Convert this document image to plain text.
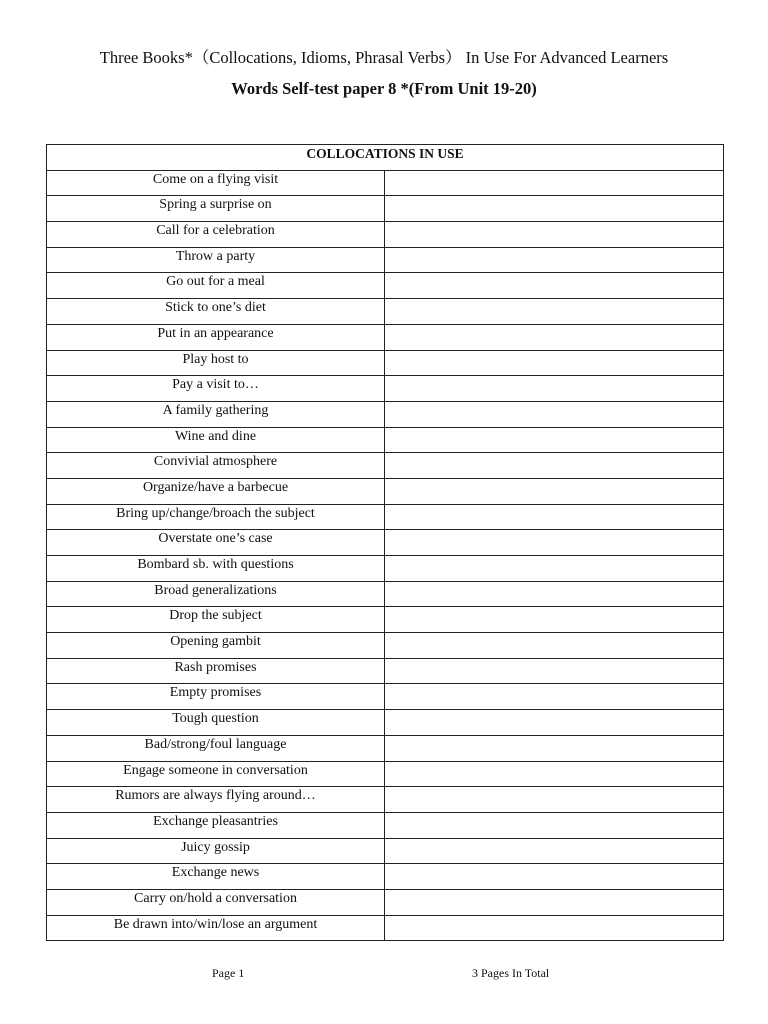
Three Books*（Collocations, Idioms, Phrasal Verbs） In Use For Advanced Learners
Words Self-test paper 8 *(From Unit 19-20)
COLLOCATIONS IN USE	
Come on a flying visit	
Spring a surprise on	
Call for a celebration	
Throw a party	
Go out for a meal	
Stick to one’s diet	
Put in an appearance	
Play host to	
Pay a visit to…	
A family gathering	
Wine and dine	
Convivial atmosphere	
Organize/have a barbecue	
Bring up/change/broach the subject	
Overstate one’s case	
Bombard sb. with questions	
Broad generalizations	
Drop the subject	
Opening gambit	
Rash promises	
Empty promises	
Tough question	
Bad/strong/foul language	
Engage someone in conversation	
Rumors are always flying around…	
Exchange pleasantries	
Juicy gossip	
Exchange news	
Carry on/hold a conversation	
Be drawn into/win/lose an argument	
Page 1	3 Pages In Total
